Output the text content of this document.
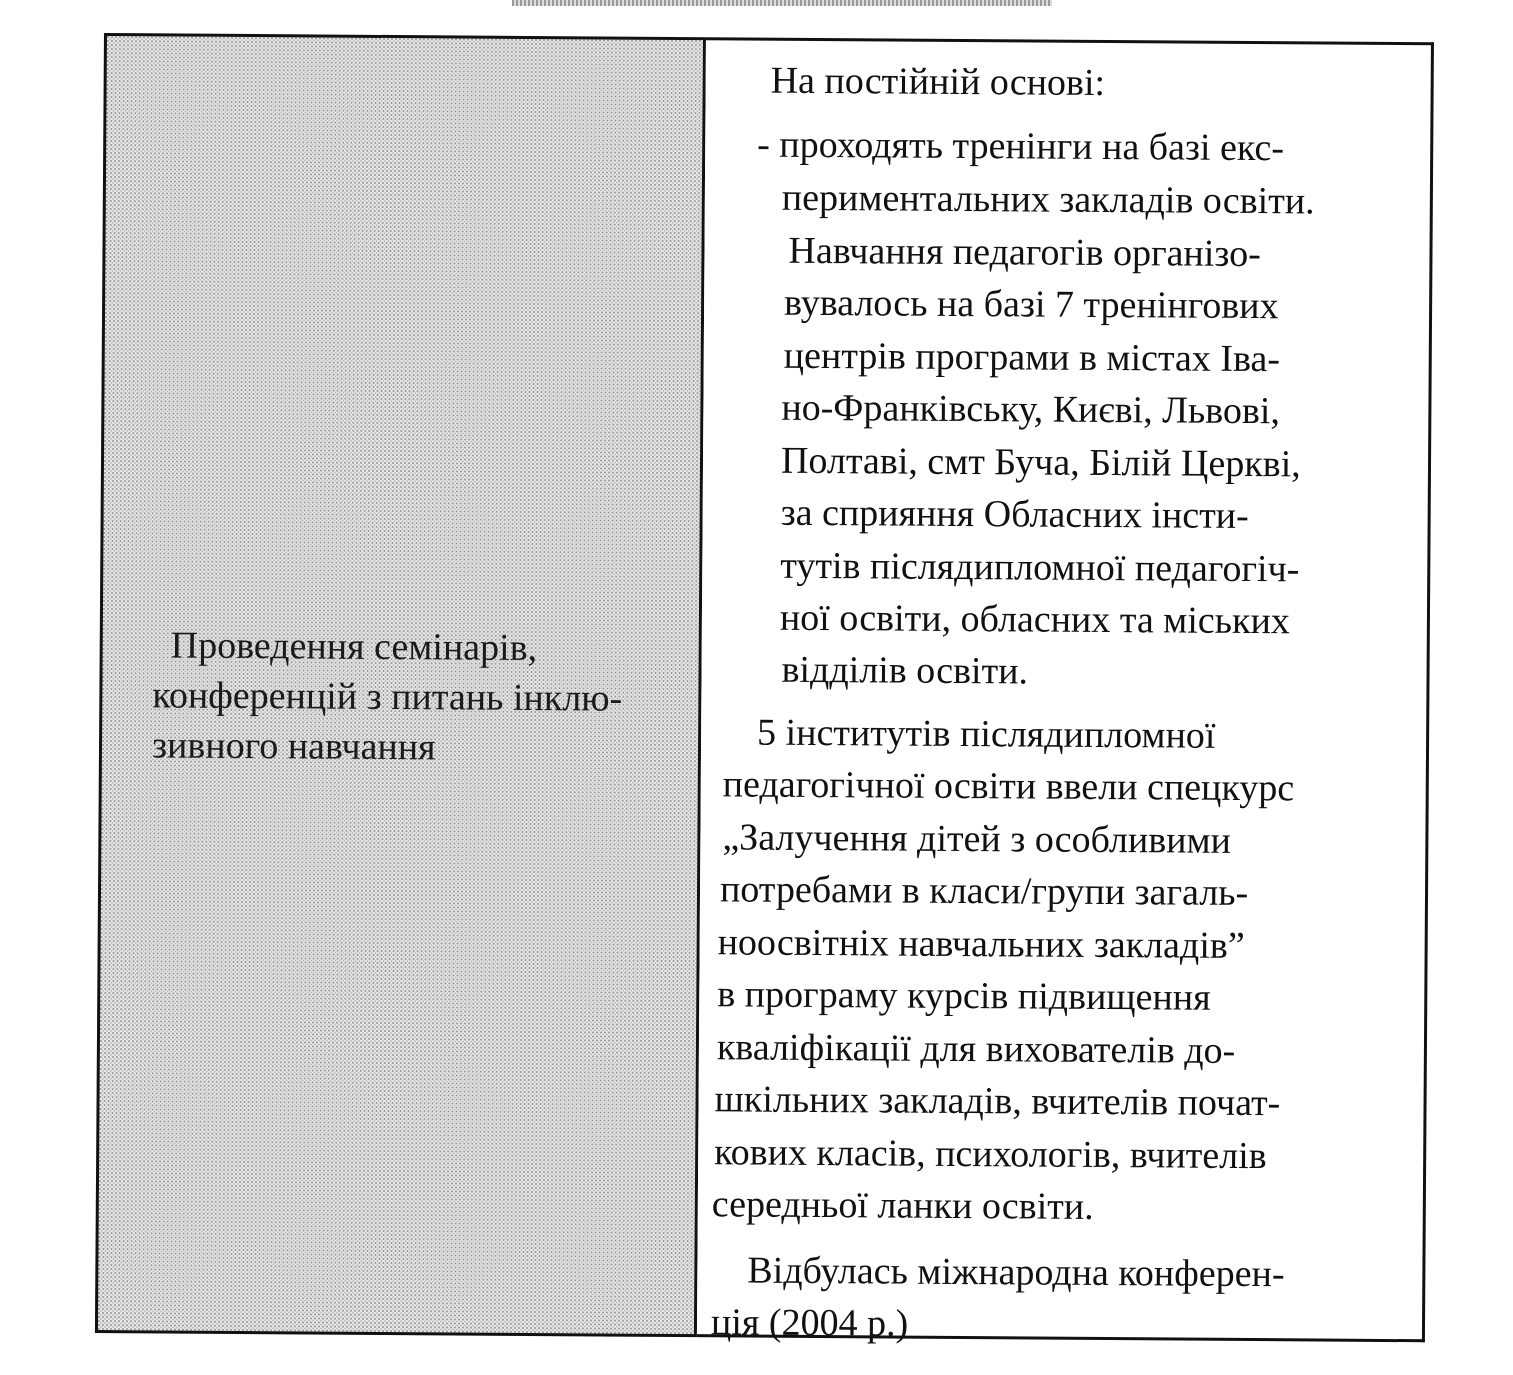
Проведення семінарів,
конференцій з питань інклю-
зивного навчання
На постійній основі:
- проходять тренінги на базі екс-
периментальних закладів освіти.
Навчання педагогів організо-
вувалось на базі 7 тренінгових
центрів програми в містах Іва-
но-Франківську, Києві, Львові,
Полтаві, смт Буча, Білій Церкві,
за сприяння Обласних інсти-
тутів післядипломної педагогіч-
ної освіти, обласних та міських
відділів освіти.
5 інститутів післядипломної
педагогічної освіти ввели спецкурс
„Залучення дітей з особливими
потребами в класи/групи загаль-
ноосвітніх навчальних закладів”
в програму курсів підвищення
кваліфікації для вихователів до-
шкільних закладів, вчителів почат-
кових класів, психологів, вчителів
середньої ланки освіти.
Відбулась міжнародна конферен-
ція (2004 р.)
